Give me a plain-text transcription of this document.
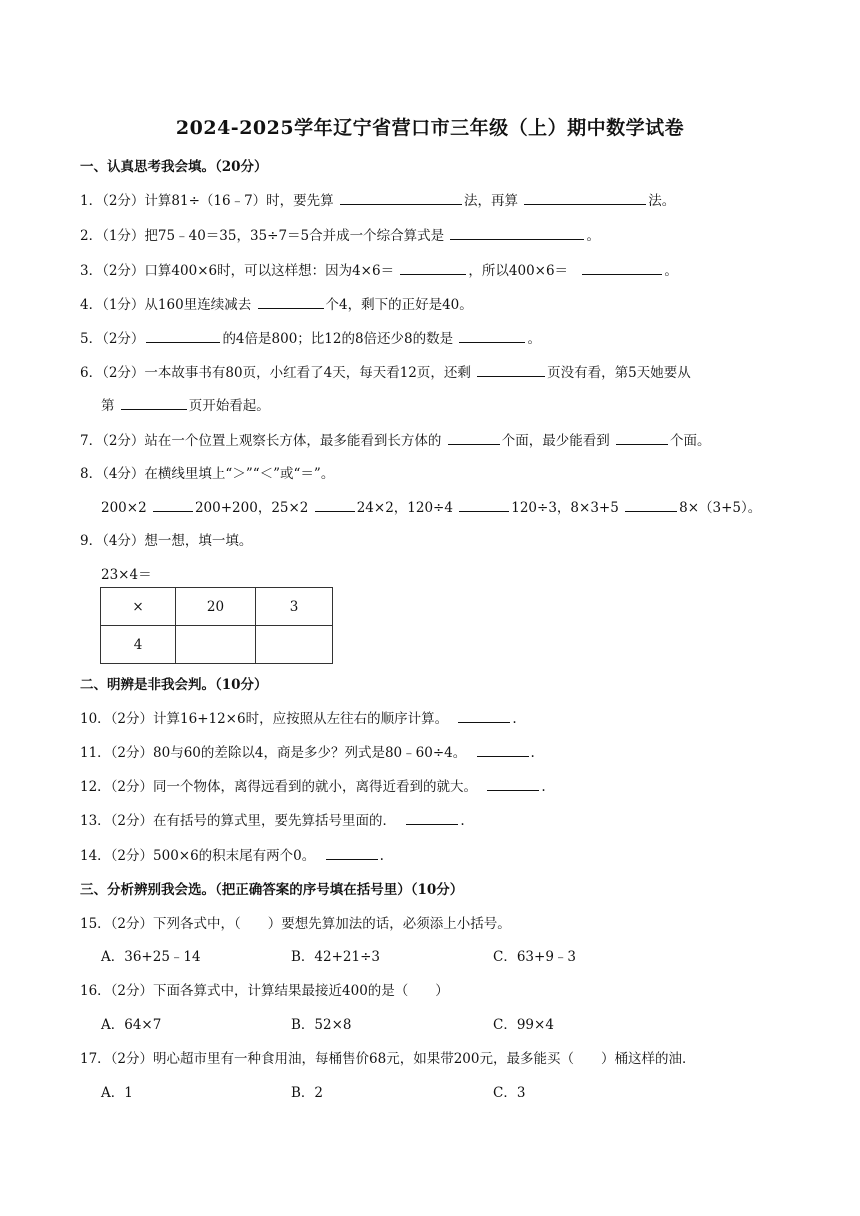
2024-2025学年辽宁省营口市三年级（上）期中数学试卷
一、认真思考我会填。（20分）
1．（2分）计算81÷（16﹣7）时，要先算	法，再算	法。
2．（1分）把75﹣40＝35，35÷7＝5合并成一个综合算式是	。
3．（2分）口算400×6时，可以这样想：因为4×6＝	，所以400×6＝	。
4．（1分）从160里连续减去	个4，剩下的正好是40。
5．（2分）	的4倍是800；比12的8倍还少8的数是	。
6．（2分）一本故事书有80页，小红看了4天，每天看12页，还剩	页没有看，第5天她要从
第	页开始看起。
7．（2分）站在一个位置上观察长方体，最多能看到长方体的	个面，最少能看到	个面。
8．（4分）在横线里填上“＞”“＜”或“＝”。
200×2	200+200，25×2	24×2，120÷4	120÷3，8×3+5	8×（3+5）。
9．（4分）想一想，填一填。
23×4＝
×	20	3
4		
二、明辨是非我会判。（10分）
10．（2分）计算16+12×6时，应按照从左往右的顺序计算。	.
11．（2分）80与60的差除以4，商是多少？列式是80﹣60÷4。	.
12．（2分）同一个物体，离得远看到的就小，离得近看到的就大。	.
13．（2分）在有括号的算式里，要先算括号里面的．	.
14．（2分）500×6的积末尾有两个0。	.
三、分析辨别我会选。（把正确答案的序号填在括号里）（10分）
15．（2分）下列各式中，（　　）要想先算加法的话，必须添上小括号。
A．36+25﹣14	B．42+21÷3	C．63+9﹣3
16．（2分）下面各算式中，计算结果最接近400的是（　　）
A．64×7	B．52×8	C．99×4
17．（2分）明心超市里有一种食用油，每桶售价68元，如果带200元，最多能买（　　）桶这样的油．
A．1	B．2	C．3
